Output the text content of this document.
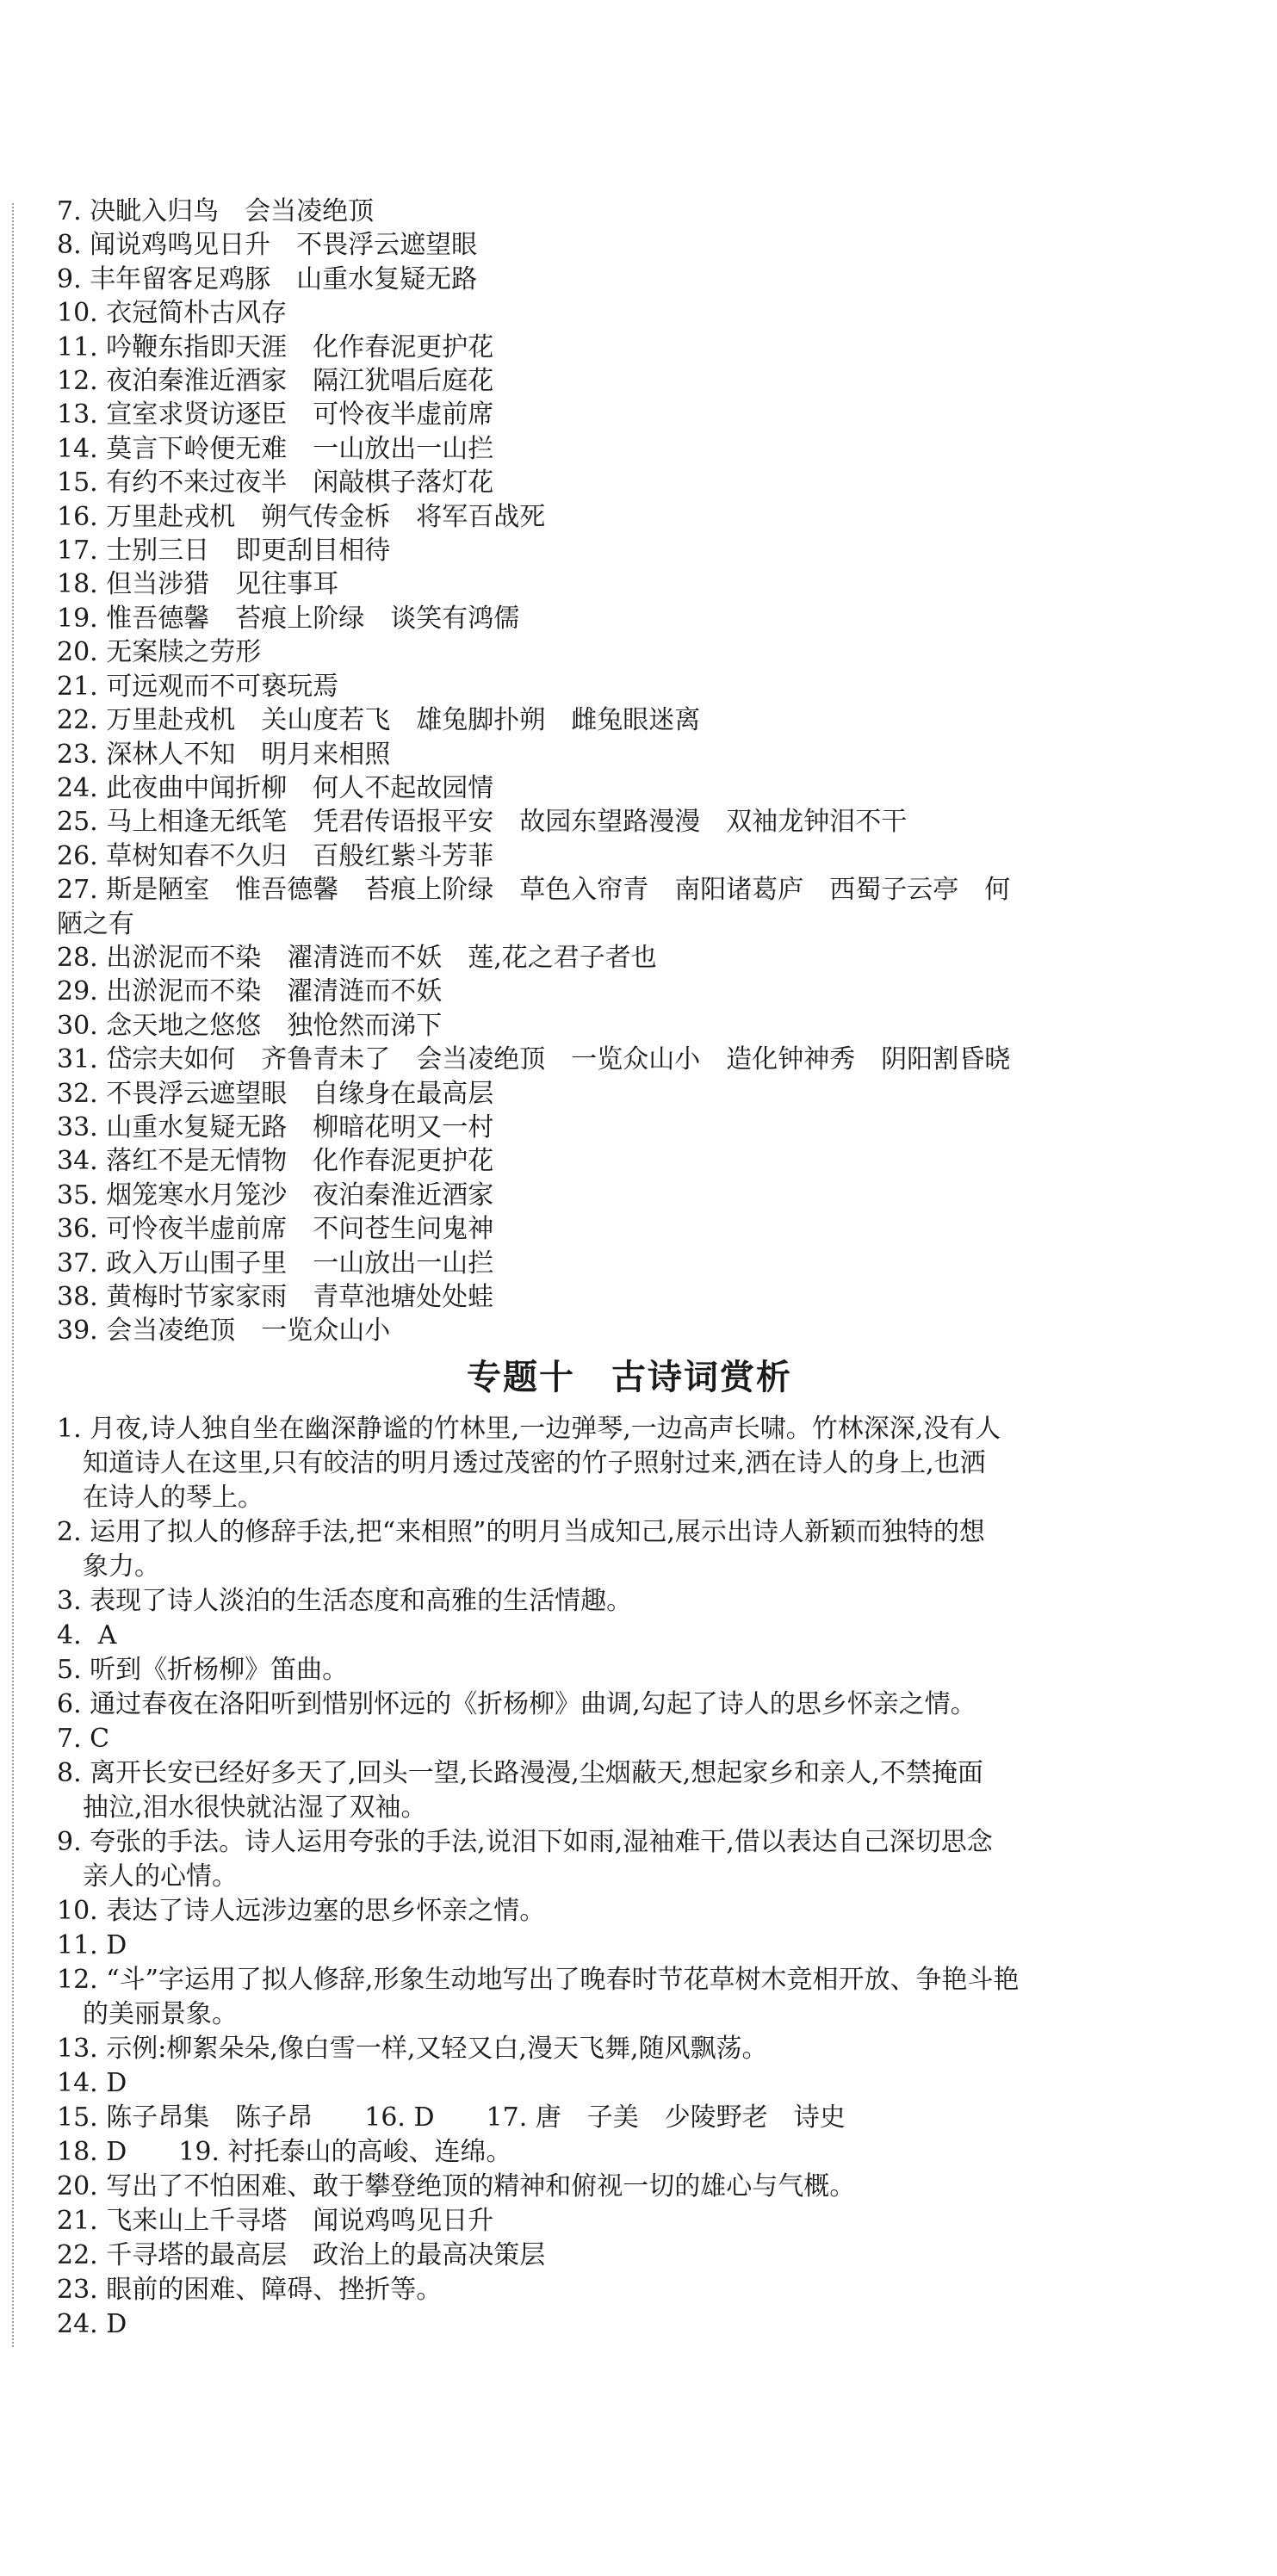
7. 决眦入归鸟　会当凌绝顶
8. 闻说鸡鸣见日升　不畏浮云遮望眼
9. 丰年留客足鸡豚　山重水复疑无路
10. 衣冠简朴古风存
11. 吟鞭东指即天涯　化作春泥更护花
12. 夜泊秦淮近酒家　隔江犹唱后庭花
13. 宣室求贤访逐臣　可怜夜半虚前席
14. 莫言下岭便无难　一山放出一山拦
15. 有约不来过夜半　闲敲棋子落灯花
16. 万里赴戎机　朔气传金柝　将军百战死
17. 士别三日　即更刮目相待
18. 但当涉猎　见往事耳
19. 惟吾德馨　苔痕上阶绿　谈笑有鸿儒
20. 无案牍之劳形
21. 可远观而不可亵玩焉
22. 万里赴戎机　关山度若飞　雄兔脚扑朔　雌兔眼迷离
23. 深林人不知　明月来相照
24. 此夜曲中闻折柳　何人不起故园情
25. 马上相逢无纸笔　凭君传语报平安　故园东望路漫漫　双袖龙钟泪不干
26. 草树知春不久归　百般红紫斗芳菲
27. 斯是陋室　惟吾德馨　苔痕上阶绿　草色入帘青　南阳诸葛庐　西蜀子云亭　何
陋之有
28. 出淤泥而不染　濯清涟而不妖　莲,花之君子者也
29. 出淤泥而不染　濯清涟而不妖
30. 念天地之悠悠　独怆然而涕下
31. 岱宗夫如何　齐鲁青未了　会当凌绝顶　一览众山小　造化钟神秀　阴阳割昏晓
32. 不畏浮云遮望眼　自缘身在最高层
33. 山重水复疑无路　柳暗花明又一村
34. 落红不是无情物　化作春泥更护花
35. 烟笼寒水月笼沙　夜泊秦淮近酒家
36. 可怜夜半虚前席　不问苍生问鬼神
37. 政入万山围子里　一山放出一山拦
38. 黄梅时节家家雨　青草池塘处处蛙
39. 会当凌绝顶　一览众山小
专题十　古诗词赏析
1. 月夜,诗人独自坐在幽深静谧的竹林里,一边弹琴,一边高声长啸。竹林深深,没有人
知道诗人在这里,只有皎洁的明月透过茂密的竹子照射过来,洒在诗人的身上,也洒
在诗人的琴上。
2. 运用了拟人的修辞手法,把“来相照”的明月当成知己,展示出诗人新颖而独特的想
象力。
3. 表现了诗人淡泊的生活态度和高雅的生活情趣。
4.  A
5. 听到《折杨柳》笛曲。
6. 通过春夜在洛阳听到惜别怀远的《折杨柳》曲调,勾起了诗人的思乡怀亲之情。
7. C
8. 离开长安已经好多天了,回头一望,长路漫漫,尘烟蔽天,想起家乡和亲人,不禁掩面
抽泣,泪水很快就沾湿了双袖。
9. 夸张的手法。诗人运用夸张的手法,说泪下如雨,湿袖难干,借以表达自己深切思念
亲人的心情。
10. 表达了诗人远涉边塞的思乡怀亲之情。
11. D
12. “斗”字运用了拟人修辞,形象生动地写出了晚春时节花草树木竞相开放、争艳斗艳
的美丽景象。
13. 示例:柳絮朵朵,像白雪一样,又轻又白,漫天飞舞,随风飘荡。
14. D
15. 陈子昂集　陈子昂　　16. D　　17. 唐　子美　少陵野老　诗史
18. D　　19. 衬托泰山的高峻、连绵。
20. 写出了不怕困难、敢于攀登绝顶的精神和俯视一切的雄心与气概。
21. 飞来山上千寻塔　闻说鸡鸣见日升
22. 千寻塔的最高层　政治上的最高决策层
23. 眼前的困难、障碍、挫折等。
24. D
